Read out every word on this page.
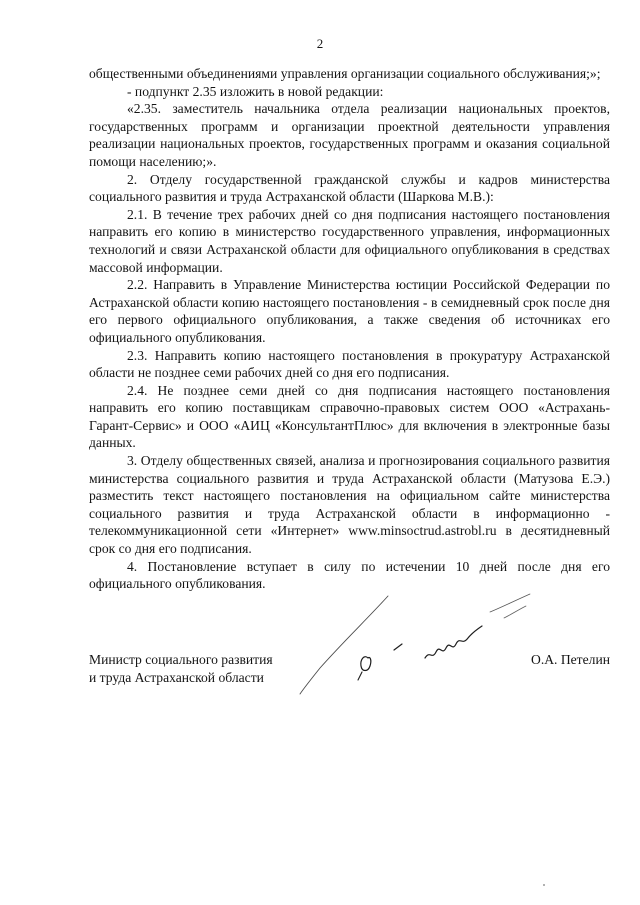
2

общественными объединениями управления организации социального обслуживания;»;

- подпункт 2.35 изложить в новой редакции:

«2.35. заместитель начальника отдела реализации национальных проектов, государственных программ и организации проектной деятельности управления реализации национальных проектов, государственных программ и оказания социальной помощи населению;».

2. Отделу государственной гражданской службы и кадров министерства социального развития и труда Астраханской области (Шаркова М.В.):

2.1. В течение трех рабочих дней со дня подписания настоящего постановления направить его копию в министерство государственного управления, информационных технологий и связи Астраханской области для официального опубликования в средствах массовой информации.

2.2. Направить в Управление Министерства юстиции Российской Федерации по Астраханской области копию настоящего постановления - в семидневный срок после дня его первого официального опубликования, а также сведения об источниках его официального опубликования.

2.3. Направить копию настоящего постановления в прокуратуру Астраханской области не позднее семи рабочих дней со дня его подписания.

2.4. Не позднее семи дней со дня подписания настоящего постановления направить его копию поставщикам справочно-правовых систем ООО «Астрахань-Гарант-Сервис» и ООО «АИЦ «КонсультантПлюс» для включения в электронные базы данных.

3. Отделу общественных связей, анализа и прогнозирования социального развития министерства социального развития и труда Астраханской области (Матузова Е.Э.) разместить текст настоящего постановления на официальном сайте министерства социального развития и труда Астраханской области в информационно - телекоммуникационной сети «Интернет» www.minsoctrud.astrobl.ru в десятидневный срок со дня его подписания.

4. Постановление вступает в силу по истечении 10 дней после дня его официального опубликования.

Министр социального развития
и труда Астраханской области
О.А. Петелин
